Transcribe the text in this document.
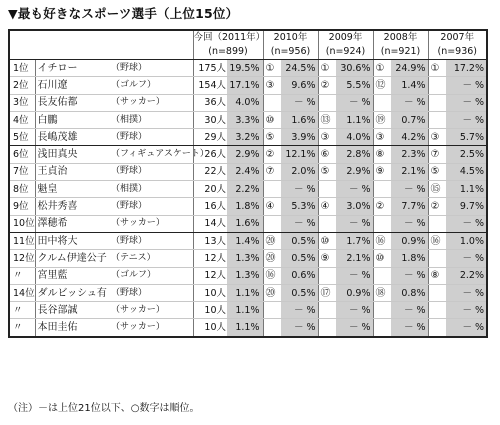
▼最も好きなスポーツ選手（上位15位）
			今回（2011年）		2010年		2009年		2008年		2007年	
			(n=899)		(n=956)		(n=924)		(n=921)		(n=936)	
1位	イチロー	（野球）	175人	19.5%	①	24.5%	①	30.6%	①	24.9%	①	17.2%
2位	石川遼	（ゴルフ）	154人	17.1%	③	9.6%	②	5.5%	⑫	1.4%		－ %
3位	長友佑都	（サッカー）	36人	4.0%		－ %		－ %		－ %		－ %
4位	白鵬	（相撲）	30人	3.3%	⑩	1.6%	⑬	1.1%	⑲	0.7%		－ %
5位	長嶋茂雄	（野球）	29人	3.2%	⑤	3.9%	③	4.0%	③	4.2%	③	5.7%
6位	浅田真央	（フィギュアスケート）	26人	2.9%	②	12.1%	⑥	2.8%	⑧	2.3%	⑦	2.5%
7位	王貞治	（野球）	22人	2.4%	⑦	2.0%	⑤	2.9%	⑨	2.1%	⑤	4.5%
8位	魁皇	（相撲）	20人	2.2%		－ %		－ %		－ %	⑮	1.1%
9位	松井秀喜	（野球）	16人	1.8%	④	5.3%	④	3.0%	②	7.7%	②	9.7%
10位	澤穂希	（サッカー）	14人	1.6%		－ %		－ %		－ %		－ %
11位	田中将大	（野球）	13人	1.4%	⑳	0.5%	⑩	1.7%	⑯	0.9%	⑯	1.0%
12位	クルム伊達公子	（テニス）	12人	1.3%	⑳	0.5%	⑨	2.1%	⑩	1.8%		－ %
〃	宮里藍	（ゴルフ）	12人	1.3%	⑯	0.6%		－ %		－ %	⑧	2.2%
14位	ダルビッシュ有	（野球）	10人	1.1%	⑳	0.5%	⑰	0.9%	⑱	0.8%		－ %
〃	長谷部誠	（サッカー）	10人	1.1%		－ %		－ %		－ %		－ %
〃	本田圭佑	（サッカー）	10人	1.1%		－ %		－ %		－ %		－ %
（注）－は上位21位以下、○数字は順位。
